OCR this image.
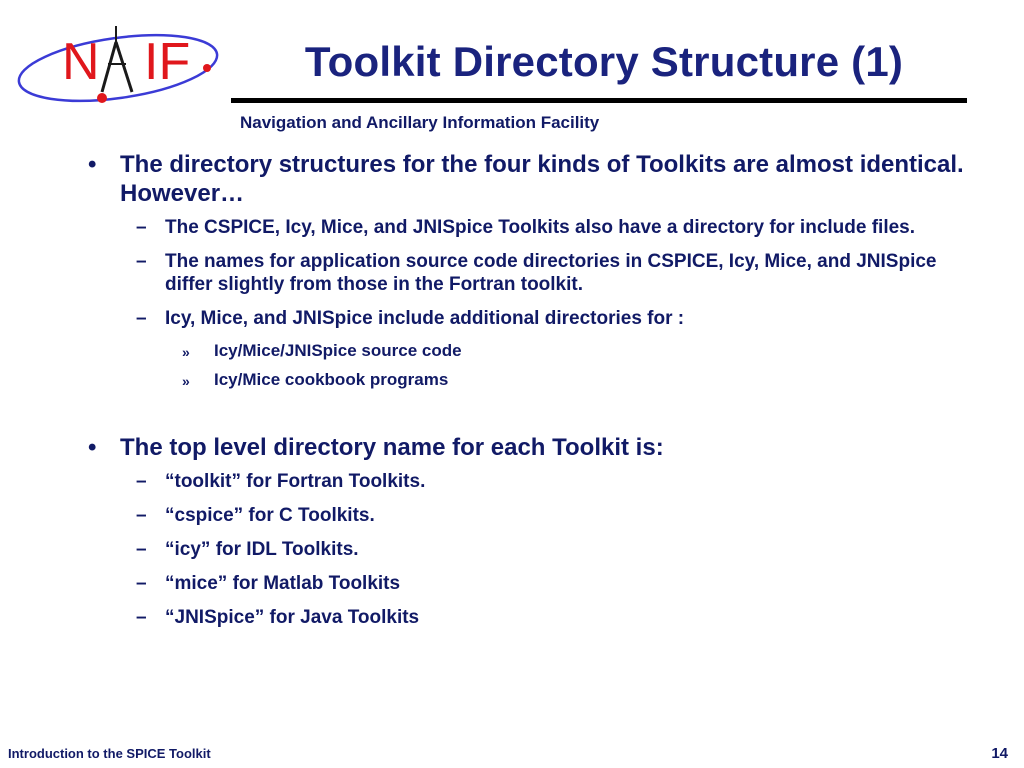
N IF	Toolkit Directory Structure (1)
Navigation and Ancillary Information Facility
• The directory structures for the four kinds of Toolkits are almost identical. However…
– The CSPICE, Icy, Mice, and JNISpice Toolkits also have a directory for include files.
– The names for application source code directories in CSPICE, Icy, Mice, and JNISpice differ slightly from those in the Fortran toolkit.
– Icy, Mice, and JNISpice include additional directories for :
» Icy/Mice/JNISpice source code
» Icy/Mice cookbook programs
• The top level directory name for each Toolkit is:
– “toolkit” for Fortran Toolkits.
– “cspice” for C Toolkits.
– “icy” for IDL Toolkits.
– “mice” for Matlab Toolkits
– “JNISpice” for Java Toolkits
Introduction to the SPICE Toolkit	14
